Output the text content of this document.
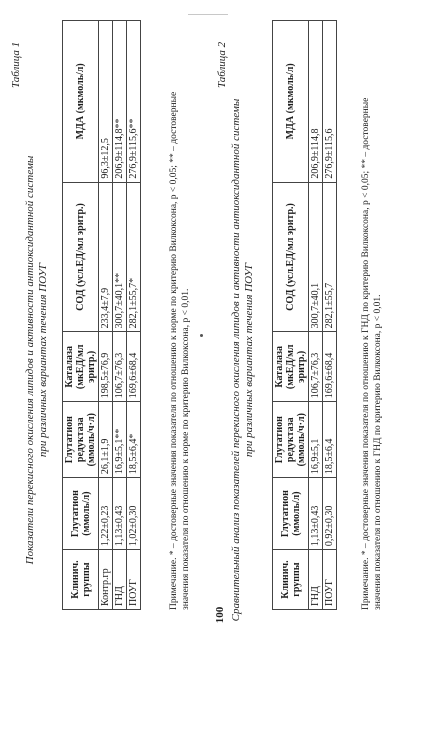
Таблица 1
Показатели перекисного окисления липидов и активности антиоксидантной системы при различных вариантах течения ПОУГ
Клинич. группы	Глутатион (ммоль/л)	Глутатион редуктаза (ммоль/ч·л)	Каталаза (мкЕД/мл эритр.)	СОД (усл.ЕД/мл эритр.)	МДА (мкмоль/л)
Контр.гр	1,22±0,23	26,1±1,9	198,5±76,9	233,4±7,9	96,3±12,5
ГНД	1,13±0,43	16,9±5,1**	106,7±76,3	300,7±40,1**	206,9±114,8**
ПОУГ	1,02±0,30	18,5±6,4*	169,6±68,4	282,1±55,7*	276,9±115,6**	Примечание. * – достоверные значения показателя по отношению к норме по критерию Вилкоксона, p < 0,05; ** – достоверные значения показателя по отношению к норме по критерию Вилкоксона, p < 0,01.
Таблица 2
Сравнительный анализ показателей перекисного окисления липидов и активности антиоксидантной системы при различных вариантах течения ПОУГ
Клинич. группы	Глутатион (ммоль/л)	Глутатион редуктаза (ммоль/ч·л)	Каталаза (мкЕД/мл эритр.)	СОД (усл.ЕД/мл эритр.)	МДА (мкмоль/л)
ГНД	1,13±0,43	16,9±5,1	106,7±76,3	300,7±40,1	206,9±114,8
ПОУГ	0,92±0,30	18,5±6,4	169,6±68,4	282,1±55,7	276,9±115,6	Примечание. * – достоверные значения показателя по отношению к ГНД по критерию Вилкоксона, p < 0,05; ** – достоверные значения показателя по отношению к ГНД по критерию Вилкоксона, p < 0,01.
100
